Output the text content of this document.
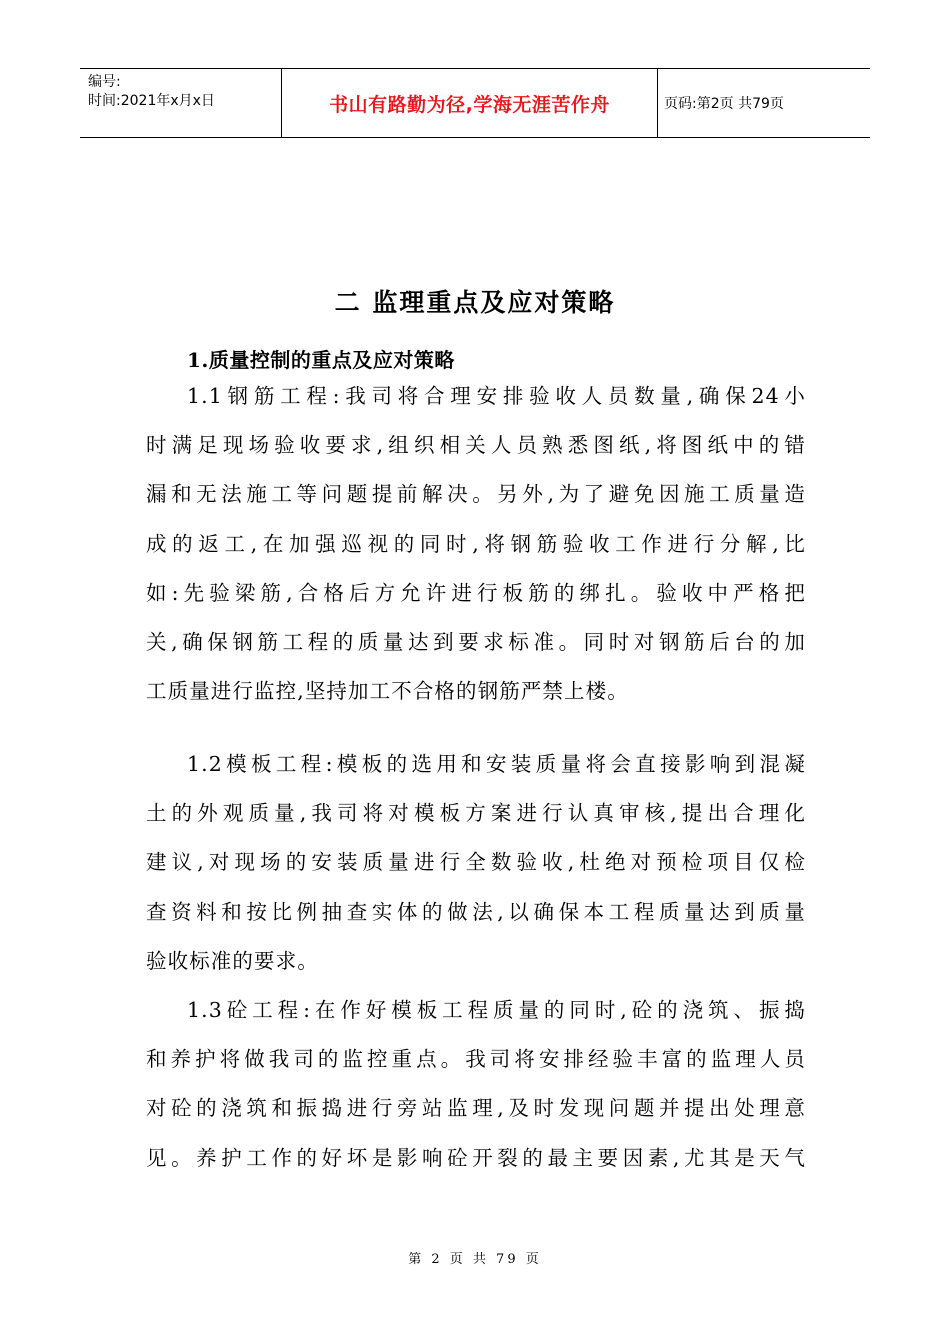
编号:
时间:2021年x月x日	书山有路勤为径,学海无涯苦作舟	页码:第2页 共79页
二 监理重点及应对策略
1.质量控制的重点及应对策略
1.1钢筋工程:我司将合理安排验收人员数量,确保24小
时满足现场验收要求,组织相关人员熟悉图纸,将图纸中的错
漏和无法施工等问题提前解决。另外,为了避免因施工质量造
成的返工,在加强巡视的同时,将钢筋验收工作进行分解,比
如:先验梁筋,合格后方允许进行板筋的绑扎。验收中严格把
关,确保钢筋工程的质量达到要求标准。同时对钢筋后台的加
工质量进行监控,坚持加工不合格的钢筋严禁上楼。
1.2模板工程:模板的选用和安装质量将会直接影响到混凝
土的外观质量,我司将对模板方案进行认真审核,提出合理化
建议,对现场的安装质量进行全数验收,杜绝对预检项目仅检
查资料和按比例抽查实体的做法,以确保本工程质量达到质量
验收标准的要求。
1.3砼工程:在作好模板工程质量的同时,砼的浇筑、振捣
和养护将做我司的监控重点。我司将安排经验丰富的监理人员
对砼的浇筑和振捣进行旁站监理,及时发现问题并提出处理意
见。养护工作的好坏是影响砼开裂的最主要因素,尤其是天气
第 2 页 共 79 页
